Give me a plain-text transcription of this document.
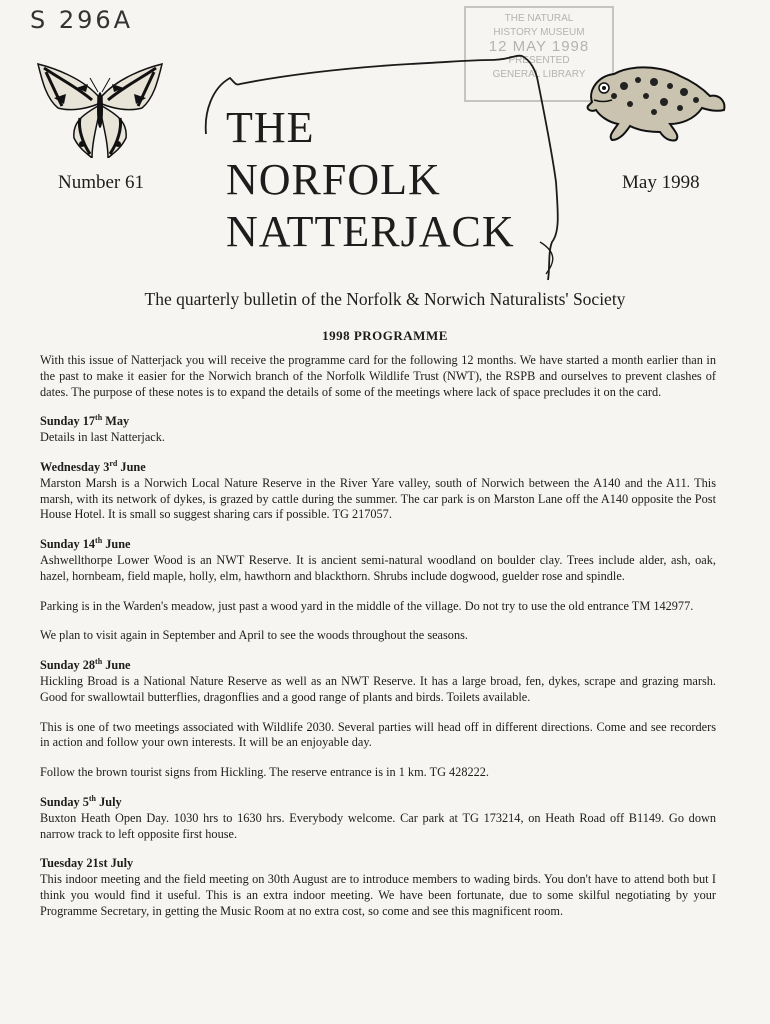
S 296A	THE NATURAL
HISTORY MUSEUM
12 MAY 1998
PRESENTED
GENERAL LIBRARY
Number 61
THE
NORFOLK
NATTERJACK
May 1998
The quarterly bulletin of the Norfolk & Norwich Naturalists' Society
1998 PROGRAMME

With this issue of Natterjack you will receive the programme card for the following 12 months. We have started a month earlier than in the past to make it easier for the Norwich branch of the Norfolk Wildlife Trust (NWT), the RSPB and ourselves to prevent clashes of dates. The purpose of these notes is to expand the details of some of the meetings where lack of space precludes it on the card.

Sunday 17th May

Details in last Natterjack.

Wednesday 3rd June

Marston Marsh is a Norwich Local Nature Reserve in the River Yare valley, south of Norwich between the A140 and the A11. This marsh, with its network of dykes, is grazed by cattle during the summer. The car park is on Marston Lane off the A140 opposite the Post House Hotel. It is small so suggest sharing cars if possible. TG 217057.

Sunday 14th June

Ashwellthorpe Lower Wood is an NWT Reserve. It is ancient semi-natural woodland on boulder clay. Trees include alder, ash, oak, hazel, hornbeam, field maple, holly, elm, hawthorn and blackthorn. Shrubs include dogwood, guelder rose and spindle.

Parking is in the Warden's meadow, just past a wood yard in the middle of the village. Do not try to use the old entrance TM 142977.

We plan to visit again in September and April to see the woods throughout the seasons.

Sunday 28th June

Hickling Broad is a National Nature Reserve as well as an NWT Reserve. It has a large broad, fen, dykes, scrape and grazing marsh. Good for swallowtail butterflies, dragonflies and a good range of plants and birds. Toilets available.

This is one of two meetings associated with Wildlife 2030. Several parties will head off in different directions. Come and see recorders in action and follow your own interests. It will be an enjoyable day.

Follow the brown tourist signs from Hickling. The reserve entrance is in 1 km. TG 428222.

Sunday 5th July

Buxton Heath Open Day. 1030 hrs to 1630 hrs. Everybody welcome. Car park at TG 173214, on Heath Road off B1149. Go down narrow track to left opposite first house.

Tuesday 21st July

This indoor meeting and the field meeting on 30th August are to introduce members to wading birds. You don't have to attend both but I think you would find it useful. This is an extra indoor meeting. We have been fortunate, due to some skilful negotiating by your Programme Secretary, in getting the Music Room at no extra cost, so come and see this magnificent room.
